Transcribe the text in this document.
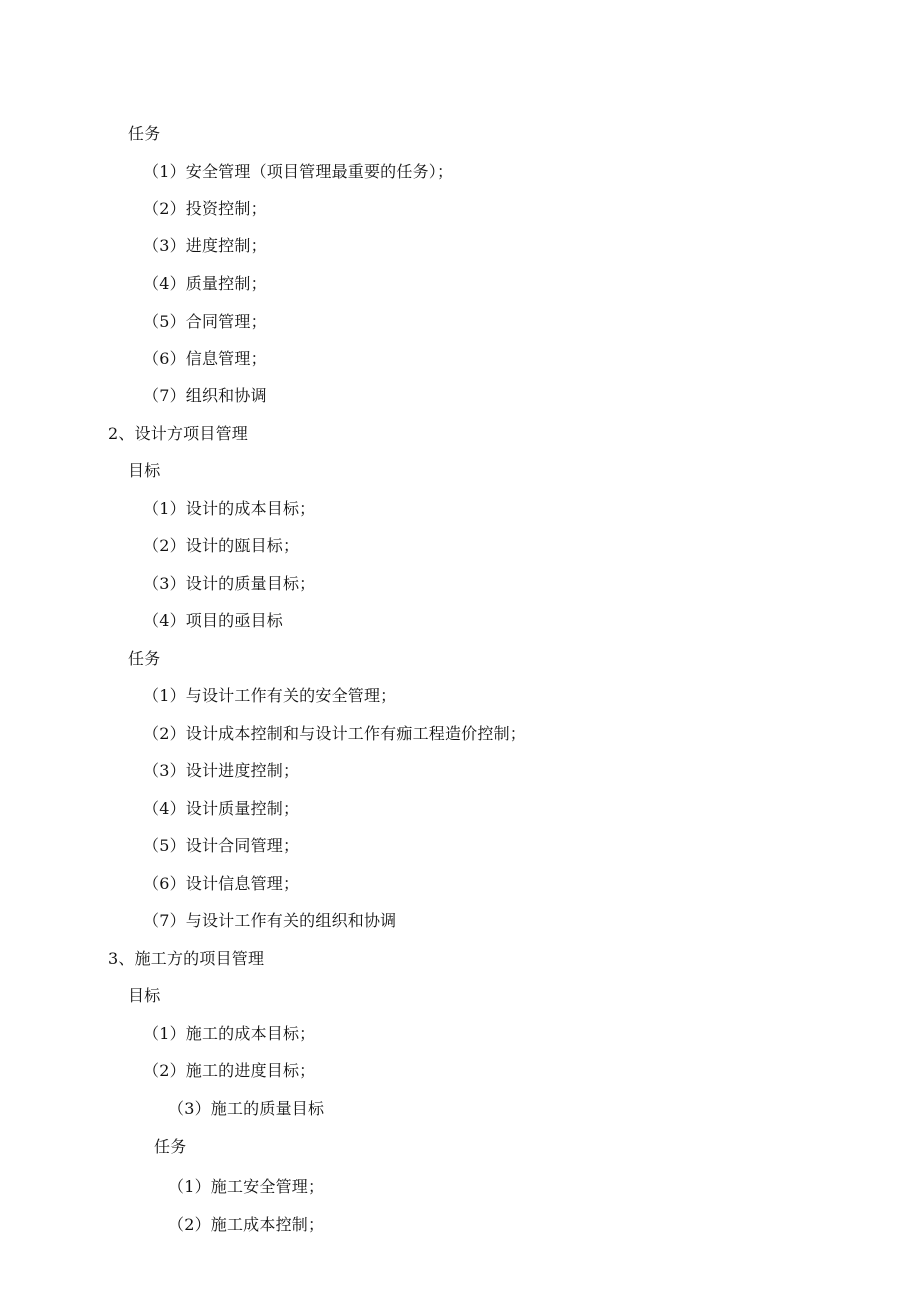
任务
（1）安全管理（项目管理最重要的任务）；
（2）投资控制；
（3）进度控制；
（4）质量控制；
（5）合同管理；
（6）信息管理；
（7）组织和协调
2、设计方项目管理
目标
（1）设计的成本目标；
（2）设计的瓯目标；
（3）设计的质量目标；
（4）项目的亟目标
任务
（1）与设计工作有关的安全管理；
（2）设计成本控制和与设计工作有痂工程造价控制；
（3）设计进度控制；
（4）设计质量控制；
（5）设计合同管理；
（6）设计信息管理；
（7）与设计工作有关的组织和协调
3、施工方的项目管理
目标
（1）施工的成本目标；
（2）施工的进度目标；
（3）施工的质量目标
任务
（1）施工安全管理；
（2）施工成本控制；
